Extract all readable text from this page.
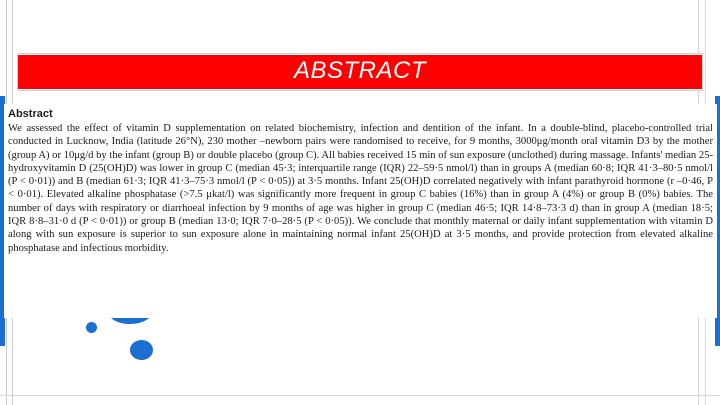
ABSTRACT

Abstract

We assessed the effect of vitamin D supplementation on related biochemistry, infection and dentition of the infant. In a double-blind, placebo-controlled trial conducted in Lucknow, India (latitude 26°N), 230 mother –newborn pairs were randomised to receive, for 9 months, 3000μg/month oral vitamin D3 by the mother (group A) or 10μg/d by the infant (group B) or double placebo (group C). All babies received 15 min of sun exposure (unclothed) during massage. Infants' median 25-hydroxyvitamin D (25(OH)D) was lower in group C (median 45·3; interquartile range (IQR) 22–59·5 nmol/l) than in groups A (median 60·8; IQR 41·3–80·5 nmol/l (P < 0·01)) and B (median 61·3; IQR 41·3–75·3 nmol/l (P < 0·05)) at 3·5 months. Infant 25(OH)D correlated negatively with infant parathyroid hormone (r –0·46, P < 0·01). Elevated alkaline phosphatase (>7.5 μkat/l) was significantly more frequent in group C babies (16%) than in group A (4%) or group B (0%) babies. The number of days with respiratory or diarrhoeal infection by 9 months of age was higher in group C (median 46·5; IQR 14·8–73·3 d) than in group A (median 18·5; IQR 8·8–31·0 d (P < 0·01)) or group B (median 13·0; IQR 7·0–28·5 (P < 0·05)). We conclude that monthly maternal or daily infant supplementation with vitamin D along with sun exposure is superior to sun exposure alone in maintaining normal infant 25(OH)D at 3·5 months, and provide protection from elevated alkaline phosphatase and infectious morbidity.
